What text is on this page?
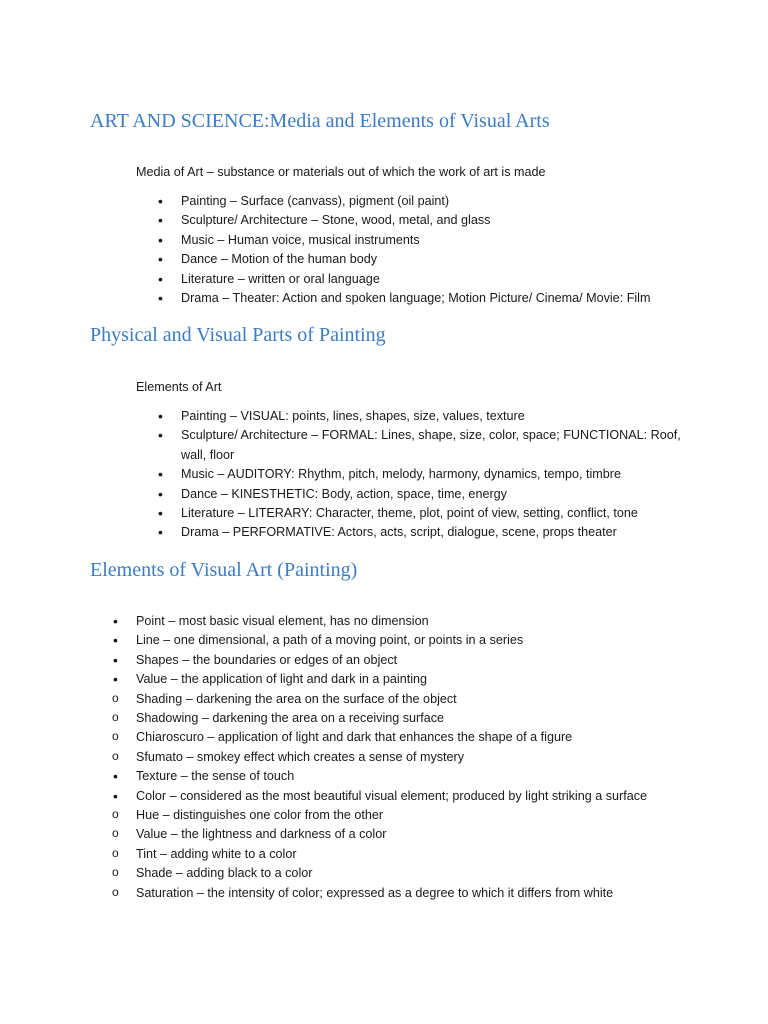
ART AND SCIENCE:Media and Elements of Visual Arts

Media of Art – substance or materials out of which the work of art is made

• Painting – Surface (canvass), pigment (oil paint)
• Sculpture/ Architecture – Stone, wood, metal, and glass
• Music – Human voice, musical instruments
• Dance – Motion of the human body
• Literature – written or oral language
• Drama – Theater: Action and spoken language; Motion Picture/ Cinema/ Movie: Film
Physical and Visual Parts of Painting

Elements of Art

• Painting – VISUAL: points, lines, shapes, size, values, texture
• Sculpture/ Architecture – FORMAL: Lines, shape, size, color, space; FUNCTIONAL: Roof, wall, floor
• Music – AUDITORY: Rhythm, pitch, melody, harmony, dynamics, tempo, timbre
• Dance – KINESTHETIC: Body, action, space, time, energy
• Literature – LITERARY: Character, theme, plot, point of view, setting, conflict, tone
• Drama – PERFORMATIVE: Actors, acts, script, dialogue, scene, props theater
Elements of Visual Art (Painting)
• Point – most basic visual element, has no dimension
• Line – one dimensional, a path of a moving point, or points in a series
• Shapes – the boundaries or edges of an object
• Value – the application of light and dark in a painting
o Shading – darkening the area on the surface of the object
o Shadowing – darkening the area on a receiving surface
o Chiaroscuro – application of light and dark that enhances the shape of a figure
o Sfumato – smokey effect which creates a sense of mystery
• Texture – the sense of touch
• Color – considered as the most beautiful visual element; produced by light striking a surface
o Hue – distinguishes one color from the other
o Value – the lightness and darkness of a color
o Tint – adding white to a color
o Shade – adding black to a color
o Saturation – the intensity of color; expressed as a degree to which it differs from white
